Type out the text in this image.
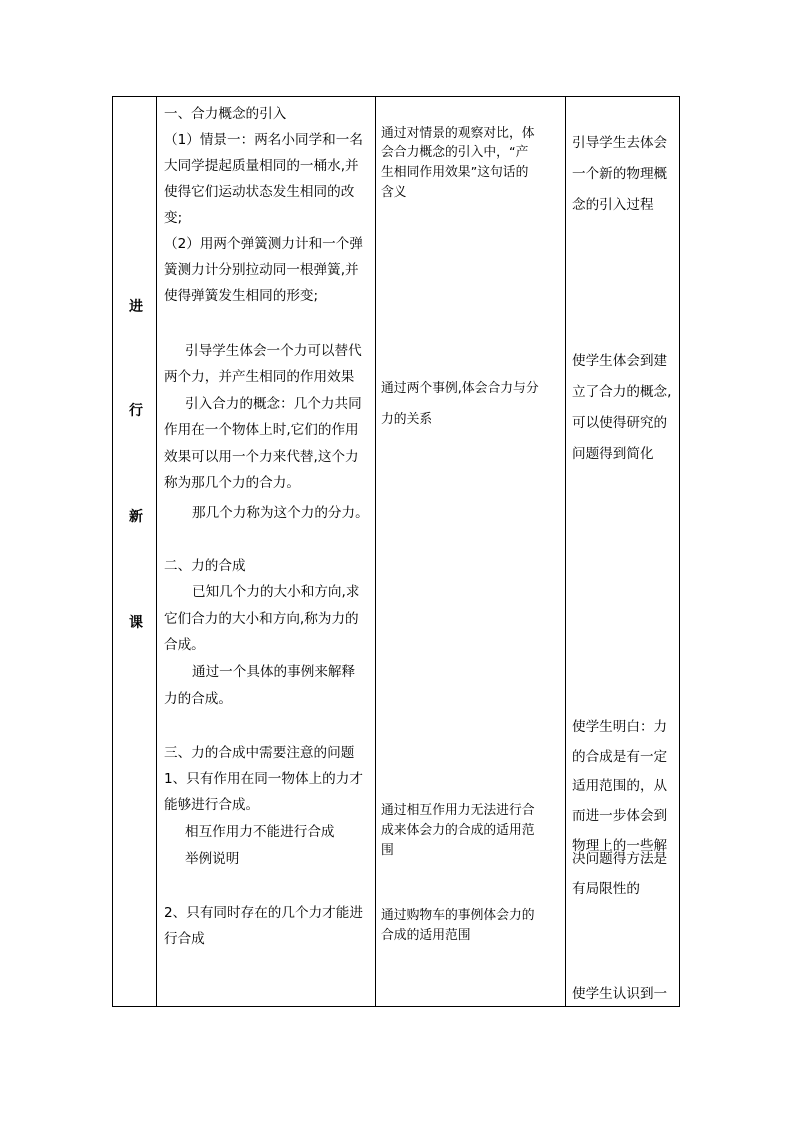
进
行
新
课
一、合力概念的引入
（1）情景一：两名小同学和一名
大同学提起质量相同的一桶水,并
使得它们运动状态发生相同的改
变;
（2）用两个弹簧测力计和一个弹
簧测力计分别拉动同一根弹簧,并
使得弹簧发生相同的形变;
引导学生体会一个力可以替代
两个力，并产生相同的作用效果
引入合力的概念：几个力共同
作用在一个物体上时,它们的作用
效果可以用一个力来代替,这个力
称为那几个力的合力。
那几个力称为这个力的分力。
二、力的合成
已知几个力的大小和方向,求
它们合力的大小和方向,称为力的
合成。
通过一个具体的事例来解释
力的合成。
三、力的合成中需要注意的问题
1、只有作用在同一物体上的力才
能够进行合成。
相互作用力不能进行合成
举例说明
2、只有同时存在的几个力才能进
行合成
通过对情景的观察对比，体
会合力概念的引入中，“产
生相同作用效果”这句话的
含义
通过两个事例,体会合力与分
力的关系
通过相互作用力无法进行合
成来体会力的合成的适用范
围
通过购物车的事例体会力的
合成的适用范围
引导学生去体会
一个新的物理概
念的引入过程
使学生体会到建
立了合力的概念,
可以使得研究的
问题得到简化
使学生明白：力
的合成是有一定
适用范围的，从
而进一步体会到
物理上的一些解
决问题得方法是
有局限性的
使学生认识到一
